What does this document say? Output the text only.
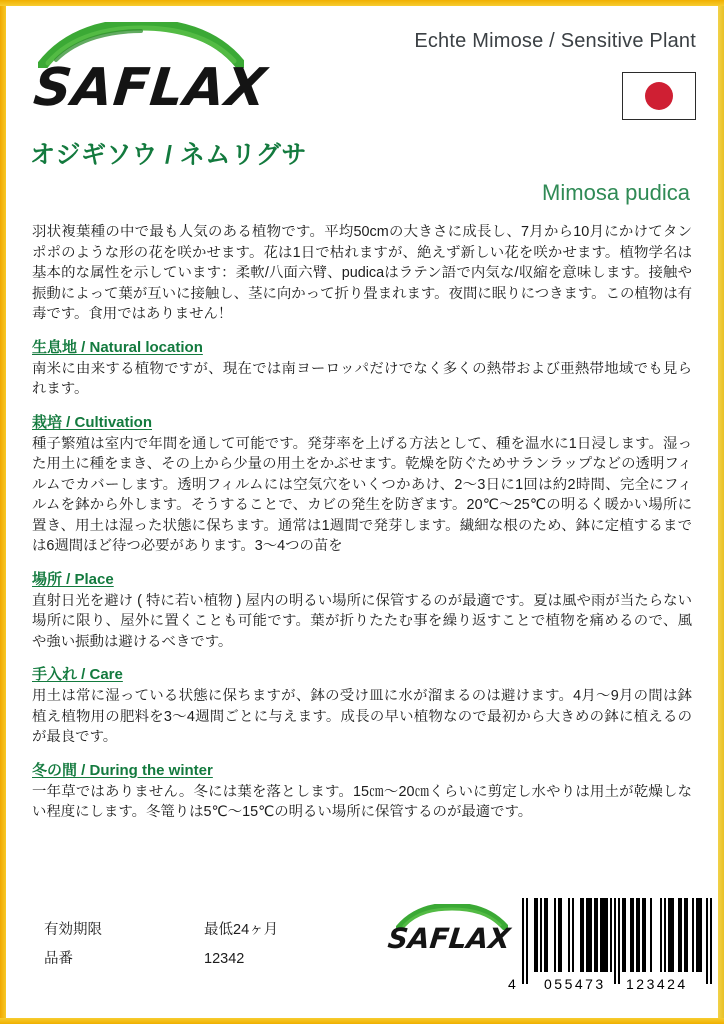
SAFLAX
Echte Mimose / Sensitive Plant
オジギソウ / ネムリグサ
Mimosa pudica

羽状複葉種の中で最も人気のある植物です。平均50cmの大きさに成長し、7月から10月にかけてタンポポのような形の花を咲かせます。花は1日で枯れますが、絶えず新しい花を咲かせます。植物学名は基本的な属性を示しています：柔軟/八面六臂、pudicaはラテン語で内気な/収縮を意味します。接触や振動によって葉が互いに接触し、茎に向かって折り畳まれます。夜間に眠りにつきます。この植物は有毒です。食用ではありません！

生息地 / Natural location

南米に由来する植物ですが、現在では南ヨーロッパだけでなく多くの熱帯および亜熱帯地域でも見られます。

栽培 / Cultivation

種子繁殖は室内で年間を通して可能です。発芽率を上げる方法として、種を温水に1日浸します。湿った用土に種をまき、その上から少量の用土をかぶせます。乾燥を防ぐためサランラップなどの透明フィルムでカバーします。透明フィルムには空気穴をいくつかあけ、2～3日に1回は約2時間、完全にフィルムを鉢から外します。そうすることで、カビの発生を防ぎます。20℃～25℃の明るく暖かい場所に置き、用土は湿った状態に保ちます。通常は1週間で発芽します。繊細な根のため、鉢に定植するまでは6週間ほど待つ必要があります。3～4つの苗を

場所 / Place

直射日光を避け ( 特に若い植物 ) 屋内の明るい場所に保管するのが最適です。夏は風や雨が当たらない場所に限り、屋外に置くことも可能です。葉が折りたたむ事を繰り返すことで植物を痛めるので、風や強い振動は避けるべきです。

手入れ / Care

用土は常に湿っている状態に保ちますが、鉢の受け皿に水が溜まるのは避けます。4月～9月の間は鉢植え植物用の肥料を3～4週間ごとに与えます。成長の早い植物なので最初から大きめの鉢に植えるのが最良です。

冬の間 / During the winter

一年草ではありません。冬には葉を落とします。15㎝～20㎝くらいに剪定し水やりは用土が乾燥しない程度にします。冬篭りは5℃～15℃の明るい場所に保管するのが最適です。

有効期限	最低24ヶ月
品番	12342
SAFLAX
4 055473 123424
